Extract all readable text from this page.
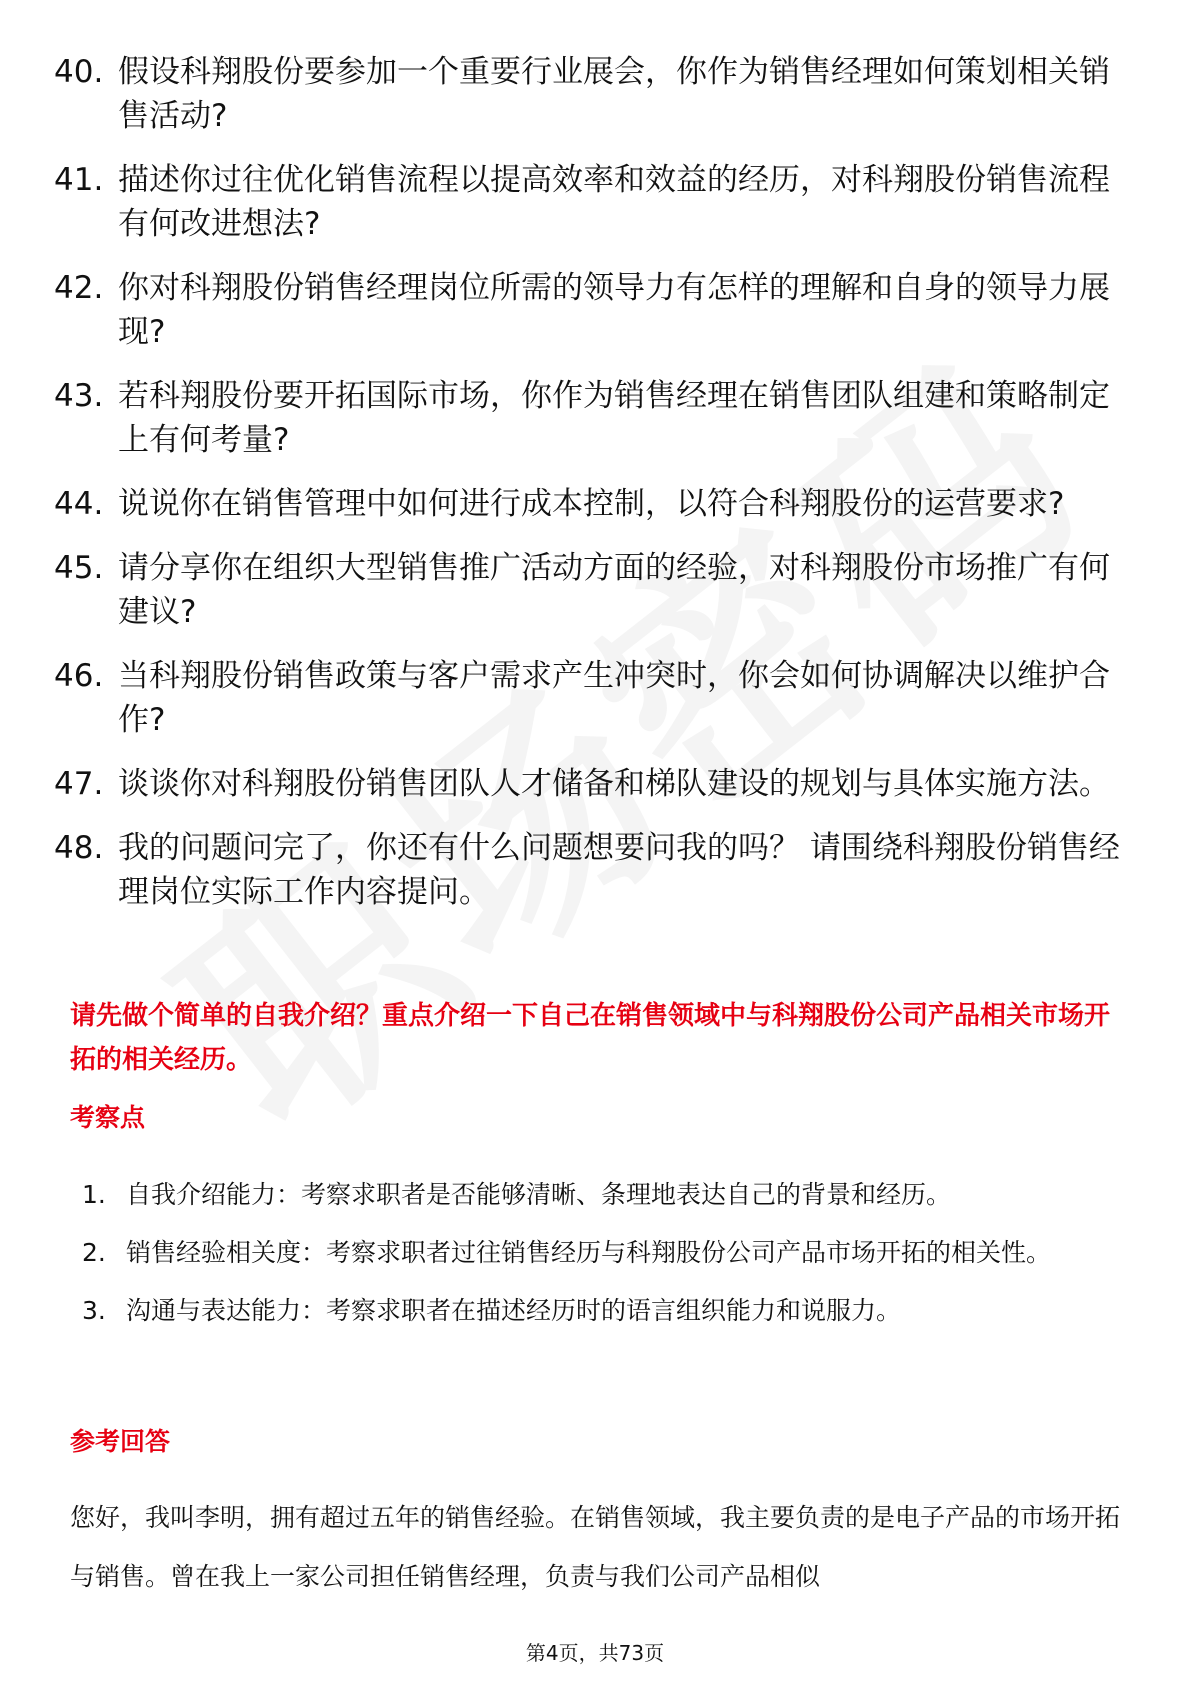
40. 假设科翔股份要参加一个重要行业展会，你作为销售经理如何策划相关销售活动?
41. 描述你过往优化销售流程以提高效率和效益的经历，对科翔股份销售流程有何改进想法?
42. 你对科翔股份销售经理岗位所需的领导力有怎样的理解和自身的领导力展现?
43. 若科翔股份要开拓国际市场，你作为销售经理在销售团队组建和策略制定上有何考量?
44. 说说你在销售管理中如何进行成本控制，以符合科翔股份的运营要求?
45. 请分享你在组织大型销售推广活动方面的经验，对科翔股份市场推广有何建议?
46. 当科翔股份销售政策与客户需求产生冲突时，你会如何协调解决以维护合作?
47. 谈谈你对科翔股份销售团队人才储备和梯队建设的规划与具体实施方法。
48. 我的问题问完了，你还有什么问题想要问我的吗？ 请围绕科翔股份销售经理岗位实际工作内容提问。
请先做个简单的自我介绍？重点介绍一下自己在销售领域中与科翔股份公司产品相关市场开拓的相关经历。
考察点
1. 自我介绍能力：考察求职者是否能够清晰、条理地表达自己的背景和经历。
2. 销售经验相关度：考察求职者过往销售经历与科翔股份公司产品市场开拓的相关性。
3. 沟通与表达能力：考察求职者在描述经历时的语言组织能力和说服力。
参考回答

您好，我叫李明，拥有超过五年的销售经验。在销售领域，我主要负责的是电子产品的市场开拓与销售。曾在我上一家公司担任销售经理，负责与我们公司产品相似

第4页，共73页
